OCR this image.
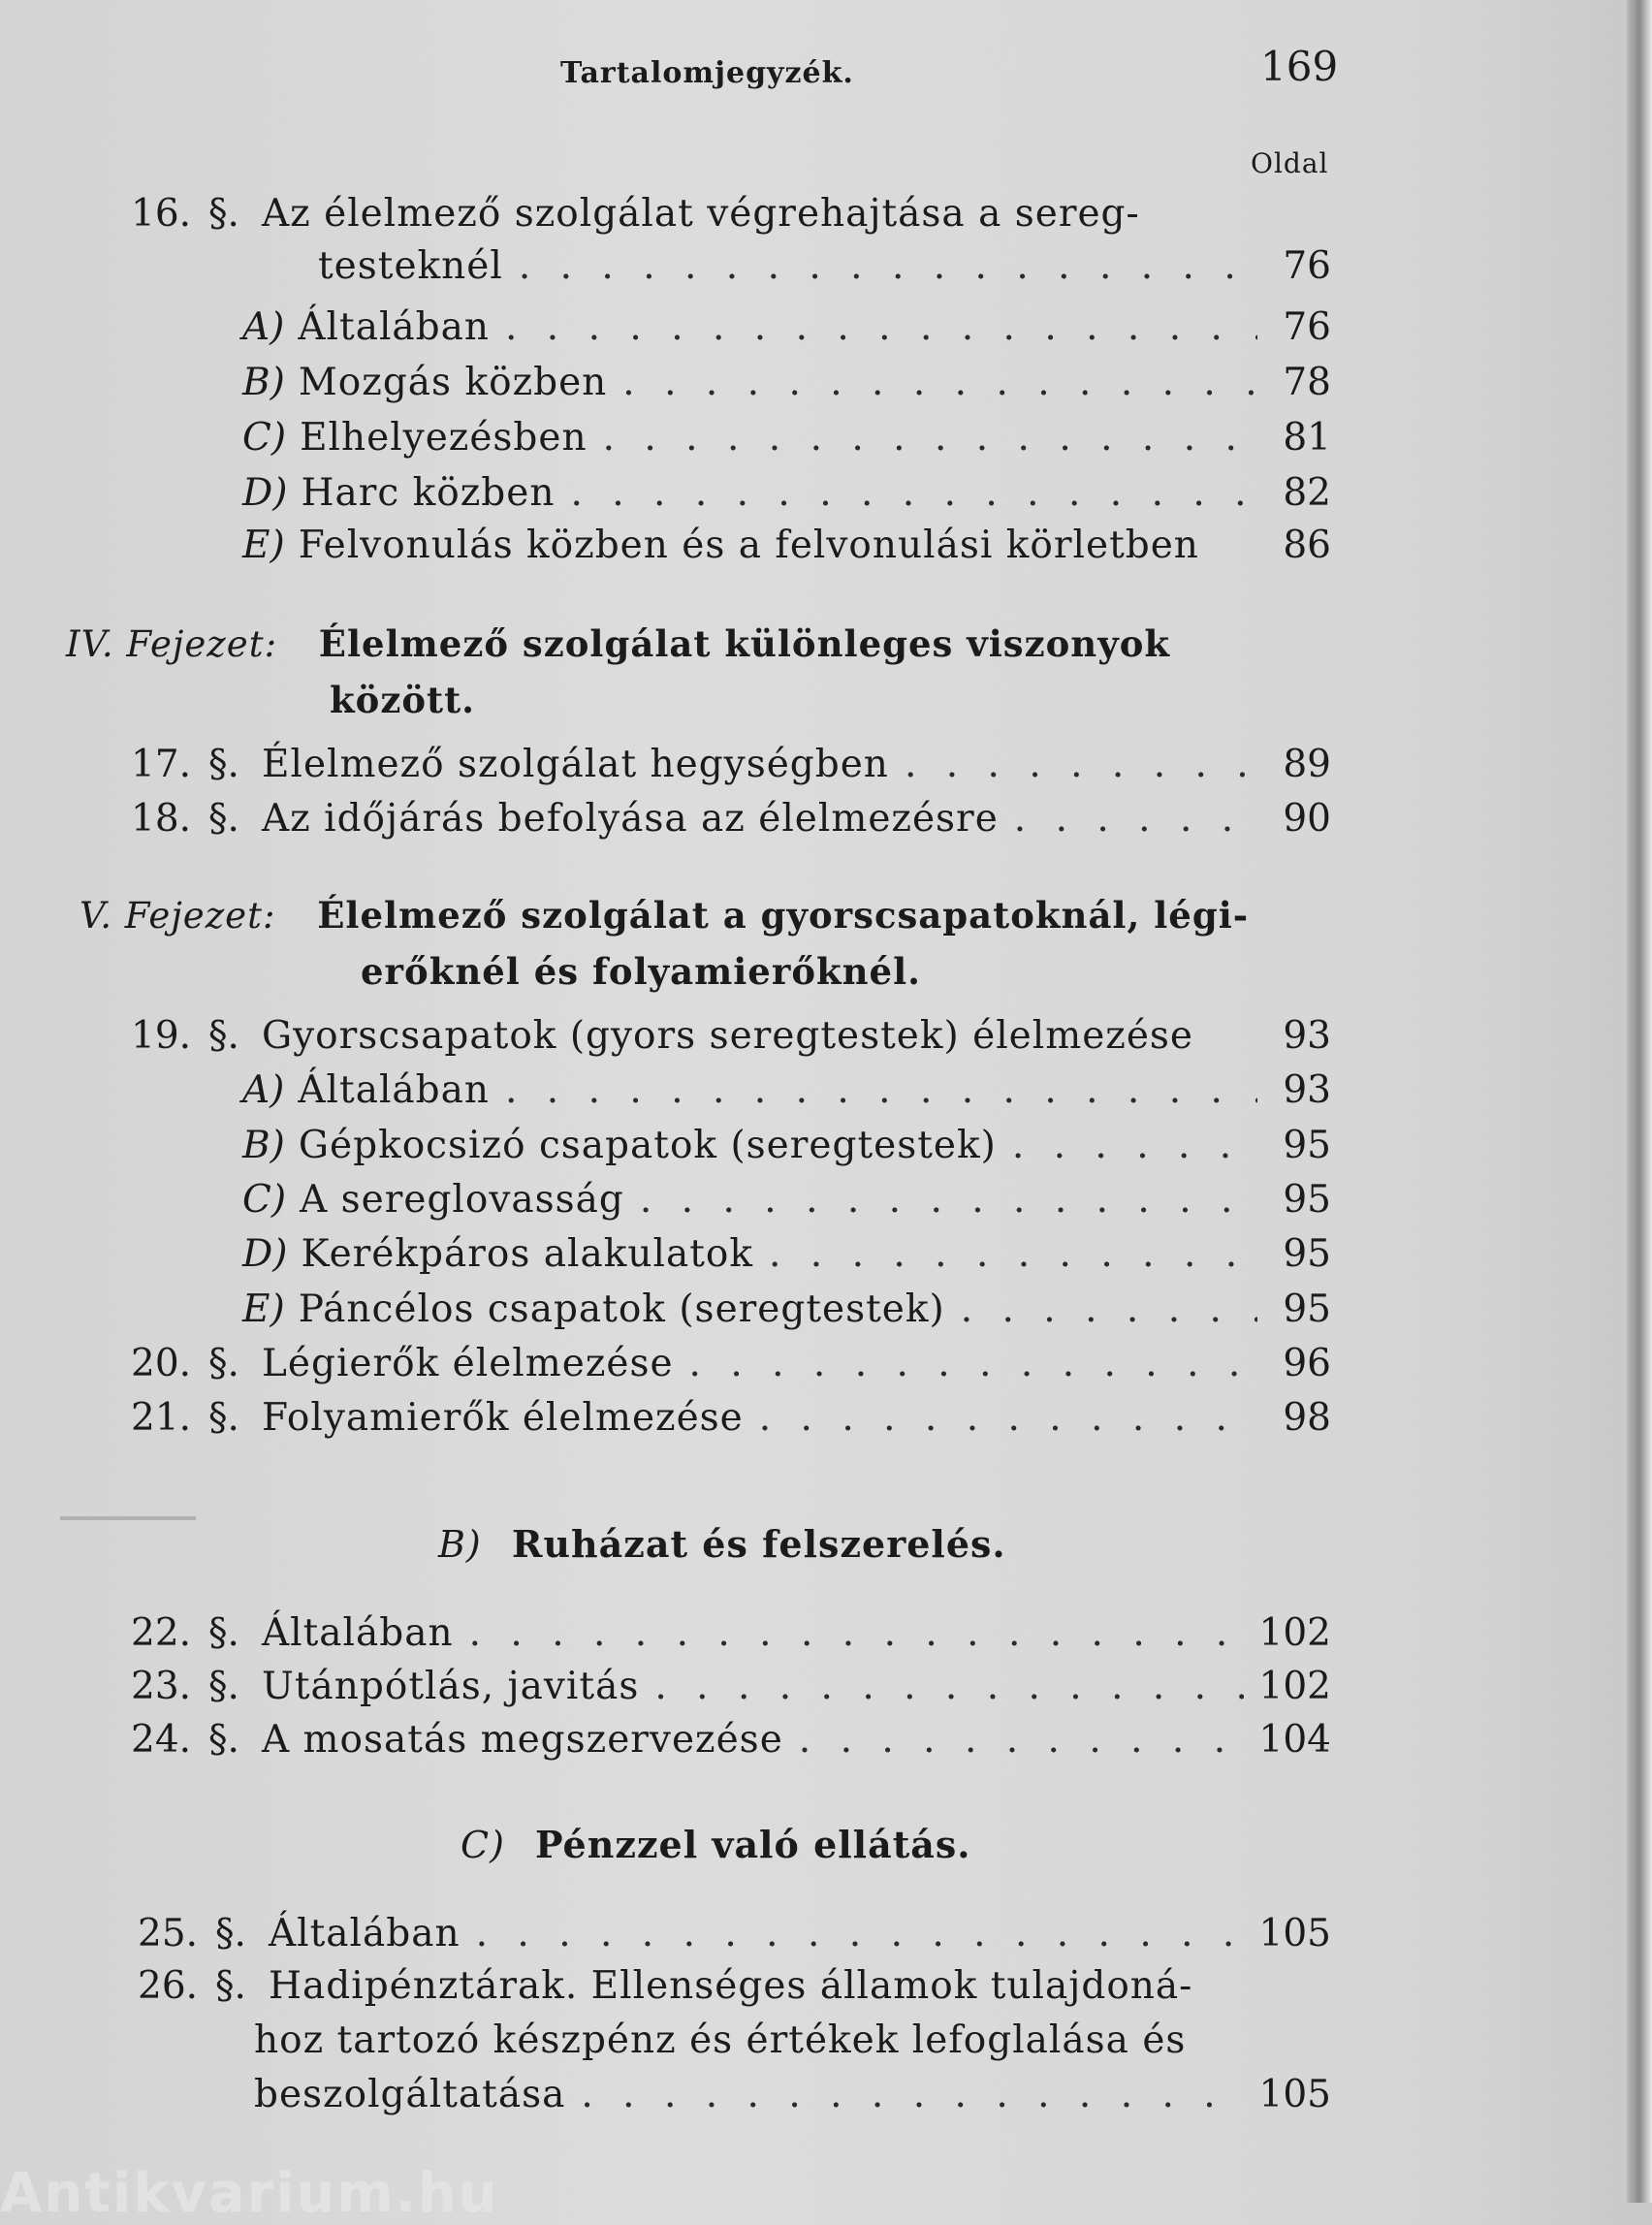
Tartalomjegyzék.	169
Oldal
16. §. Az élelmező szolgálat végrehajtása a sereg-
testeknél . . .	76
A) Általában . . .	76
B) Mozgás közben . . .	78
C) Elhelyezésben . . .	81
D) Harc közben . . .	82
E) Felvonulás közben és a felvonulási körletben 86
IV. Fejezet: Élelmező szolgálat különleges viszonyok
között.
17. §. Élelmező szolgálat hegységben . . .	89
18. §. Az időjárás befolyása az élelmezésre . . .	90
V. Fejezet: Élelmező szolgálat a gyorscsapatoknál, légi-
erőknél és folyamierőknél.
19. §. Gyorscsapatok (gyors seregtestek) élelmezése 93
A) Általában . . .	93
B) Gépkocsizó csapatok (seregtestek) . . .	95
C) A sereglovasság . . .	95
D) Kerékpáros alakulatok . . .	95
E) Páncélos csapatok (seregtestek) . . .	95
20. §. Légierők élelmezése . . .	96
21. §. Folyamierők élelmezése . . .	98
B) Ruházat és felszerelés.
22. §. Általában . . .	102
23. §. Utánpótlás, javitás . . .	102
24. §. A mosatás megszervezése . . .	104
C) Pénzzel való ellátás.
25. §. Általában . . .	105
26. §. Hadipénztárak. Ellenséges államok tulajdoná-
hoz tartozó készpénz és értékek lefoglalása és
beszolgáltatása . . .	105
Antikvarium.hu
